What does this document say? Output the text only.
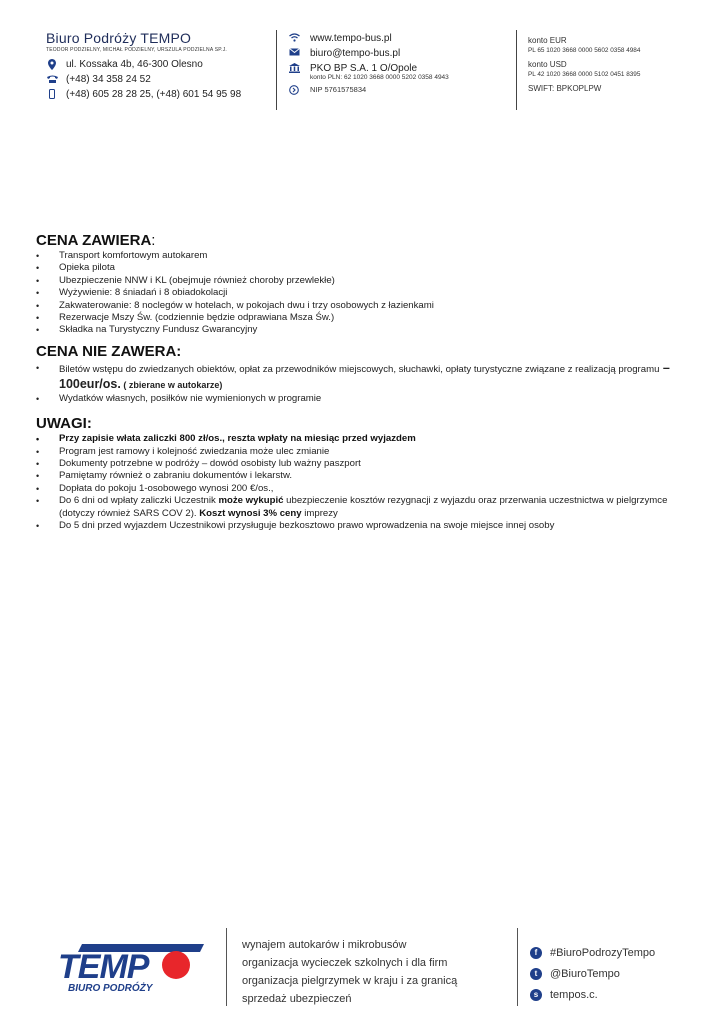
Biuro Podróży TEMPO
TEODOR PODZIELNY, MICHAŁ PODZIELNY, URSZULA PODZIELNA SP.J.
ul. Kossaka 4b, 46-300 Olesno
(+48) 34 358 24 52
(+48) 605 28 28 25, (+48) 601 54 95 98
www.tempo-bus.pl
biuro@tempo-bus.pl
PKO BP S.A. 1 O/Opole
konto PLN: 62 1020 3668 0000 5202 0358 4943
NIP 5761575834
konto EUR
PL 65 1020 3668 0000 5602 0358 4984
konto USD
PL 42 1020 3668 0000 5102 0451 8395
SWIFT: BPKOPLPW
CENA ZAWIERA:
• Transport komfortowym autokarem
• Opieka pilota
• Ubezpieczenie NNW i KL (obejmuje również choroby przewlekłe)
• Wyżywienie: 8 śniadań i 8 obiadokolacji
• Zakwaterowanie: 8 noclegów w hotelach, w pokojach dwu i trzy osobowych z łazienkami
• Rezerwacje Mszy Św. (codziennie będzie odprawiana Msza Św.)
• Składka na Turystyczny Fundusz Gwarancyjny
CENA NIE ZAWERA:
• Biletów wstępu do zwiedzanych obiektów, opłat za przewodników miejscowych, słuchawki, opłaty turystyczne związane z realizacją programu – 100eur/os. ( zbierane w autokarze)
• Wydatków własnych, posiłków nie wymienionych w programie
UWAGI:
• Przy zapisie włata zaliczki 800 zł/os., reszta wpłaty na miesiąc przed wyjazdem
• Program jest ramowy i kolejność zwiedzania może ulec zmianie
• Dokumenty potrzebne w podróży – dowód osobisty lub ważny paszport
• Pamiętamy również o zabraniu dokumentów i lekarstw.
• Dopłata do pokoju 1-osobowego wynosi 200 €/os.,
• Do 6 dni od wpłaty zaliczki Uczestnik może wykupić ubezpieczenie kosztów rezygnacji z wyjazdu oraz przerwania uczestnictwa w pielgrzymce (dotyczy również SARS COV 2). Koszt wynosi 3% ceny imprezy
• Do 5 dni przed wyjazdem Uczestnikowi przysługuje bezkosztowo prawo wprowadzenia na swoje miejsce innej osoby
TEMP
BIURO PODRÓŻY
wynajem autokarów i mikrobusów
organizacja wycieczek szkolnych i dla firm
organizacja pielgrzymek w kraju i za granicą
sprzedaż ubezpieczeń
f	#BiuroPodrozyTempo
t	@BiuroTempo
s	tempos.c.
